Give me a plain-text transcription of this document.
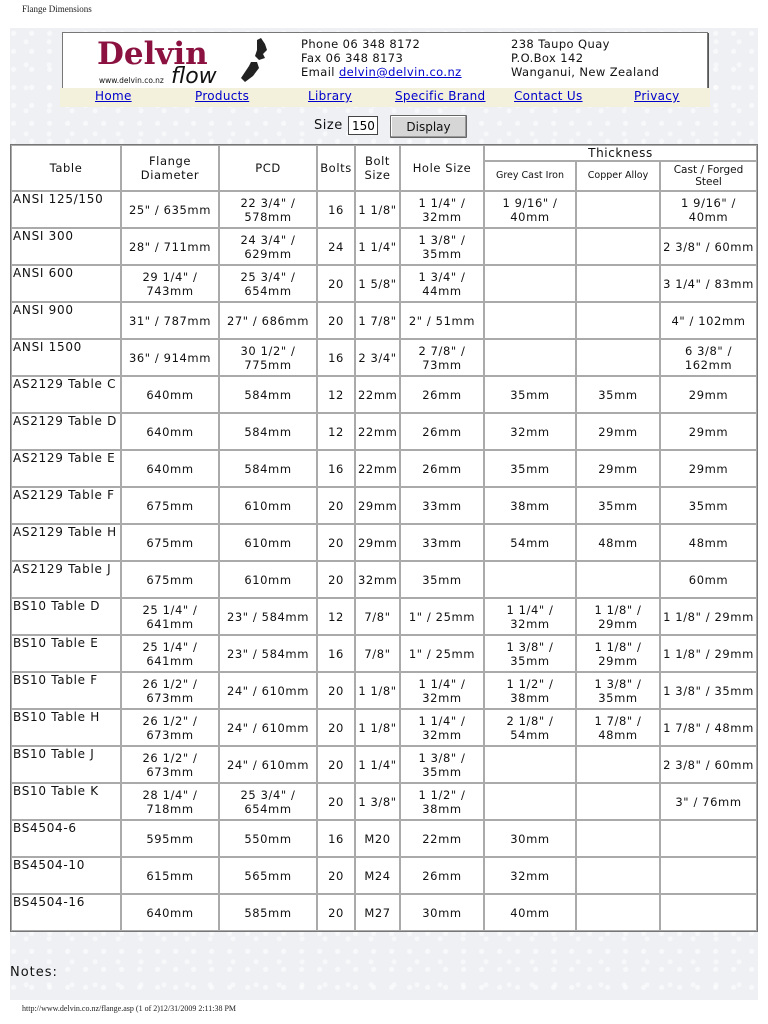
Flange Dimensions
Delvin
flow
www.delvin.co.nz
Phone 06 348 8172
Fax 06 348 8173
Email delvin@delvin.co.nz
238 Taupo Quay
P.O.Box 142
Wanganui, New Zealand
Home	Products	Library	Specific Brand Contact Us	Privacy
Size
150	Display
Table	Flange Diameter	PCD	Bolts	Bolt Size	Hole Size	Thickness		
						Grey Cast Iron	Copper Alloy	Cast / Forged Steel
ANSI 125/150	25" / 635mm	22 3/4" / 578mm	16	1 1/8"	1 1/4" / 32mm	1 9/16" / 40mm		1 9/16" / 40mm
ANSI 300	28" / 711mm	24 3/4" / 629mm	24	1 1/4"	1 3/8" / 35mm			2 3/8" / 60mm
ANSI 600	29 1/4" / 743mm	25 3/4" / 654mm	20	1 5/8"	1 3/4" / 44mm			3 1/4" / 83mm
ANSI 900	31" / 787mm	27" / 686mm	20	1 7/8"	2" / 51mm			4" / 102mm
ANSI 1500	36" / 914mm	30 1/2" / 775mm	16	2 3/4"	2 7/8" / 73mm			6 3/8" / 162mm
AS2129 Table C	640mm	584mm	12	22mm	26mm	35mm	35mm	29mm
AS2129 Table D	640mm	584mm	12	22mm	26mm	32mm	29mm	29mm
AS2129 Table E	640mm	584mm	16	22mm	26mm	35mm	29mm	29mm
AS2129 Table F	675mm	610mm	20	29mm	33mm	38mm	35mm	35mm
AS2129 Table H	675mm	610mm	20	29mm	33mm	54mm	48mm	48mm
AS2129 Table J	675mm	610mm	20	32mm	35mm			60mm
BS10 Table D	25 1/4" / 641mm	23" / 584mm	12	7/8"	1" / 25mm	1 1/4" / 32mm	1 1/8" / 29mm	1 1/8" / 29mm
BS10 Table E	25 1/4" / 641mm	23" / 584mm	16	7/8"	1" / 25mm	1 3/8" / 35mm	1 1/8" / 29mm	1 1/8" / 29mm
BS10 Table F	26 1/2" / 673mm	24" / 610mm	20	1 1/8"	1 1/4" / 32mm	1 1/2" / 38mm	1 3/8" / 35mm	1 3/8" / 35mm
BS10 Table H	26 1/2" / 673mm	24" / 610mm	20	1 1/8"	1 1/4" / 32mm	2 1/8" / 54mm	1 7/8" / 48mm	1 7/8" / 48mm
BS10 Table J	26 1/2" / 673mm	24" / 610mm	20	1 1/4"	1 3/8" / 35mm			2 3/8" / 60mm
BS10 Table K	28 1/4" / 718mm	25 3/4" / 654mm	20	1 3/8"	1 1/2" / 38mm			3" / 76mm
BS4504-6	595mm	550mm	16	M20	22mm	30mm		
BS4504-10	615mm	565mm	20	M24	26mm	32mm		
BS4504-16	640mm	585mm	20	M27	30mm	40mm		
Notes:
http://www.delvin.co.nz/flange.asp (1 of 2)12/31/2009 2:11:38 PM
